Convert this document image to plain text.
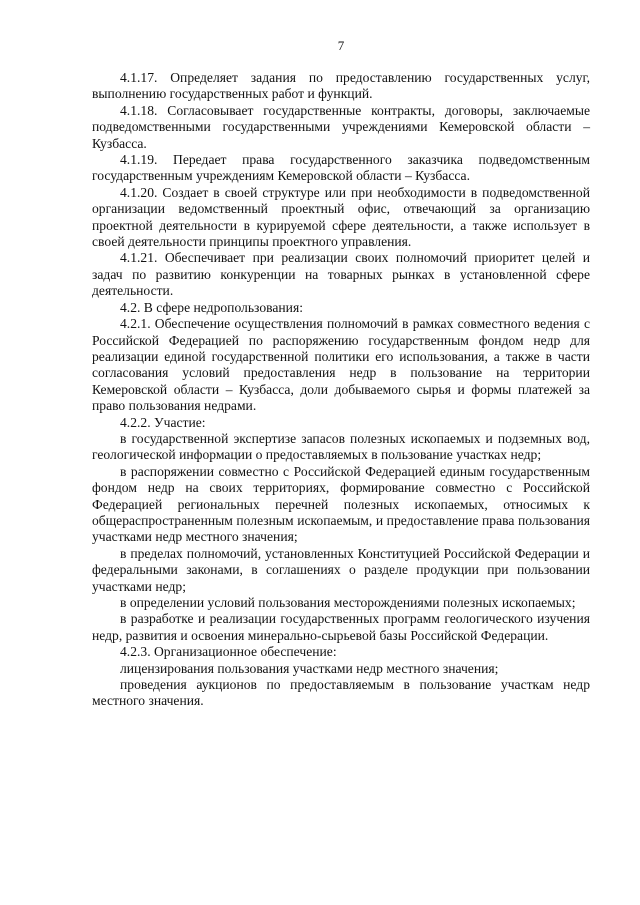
7

4.1.17. Определяет задания по предоставлению государственных услуг, выполнению государственных работ и функций.

4.1.18. Согласовывает государственные контракты, договоры, заключаемые подведомственными государственными учреждениями Кемеровской области – Кузбасса.

4.1.19. Передает права государственного заказчика подведомственным государственным учреждениям Кемеровской области – Кузбасса.

4.1.20. Создает в своей структуре или при необходимости в подведомственной организации ведомственный проектный офис, отвечающий за организацию проектной деятельности в курируемой сфере деятельности, а также использует в своей деятельности принципы проектного управления.

4.1.21. Обеспечивает при реализации своих полномочий приоритет целей и задач по развитию конкуренции на товарных рынках в установленной сфере деятельности.

4.2. В сфере недропользования:

4.2.1. Обеспечение осуществления полномочий в рамках совместного ведения с Российской Федерацией по распоряжению государственным фондом недр для реализации единой государственной политики его использования, а также в части согласования условий предоставления недр в пользование на территории Кемеровской области – Кузбасса, доли добываемого сырья и формы платежей за право пользования недрами.

4.2.2. Участие:

в государственной экспертизе запасов полезных ископаемых и подземных вод, геологической информации о предоставляемых в пользование участках недр;

в распоряжении совместно с Российской Федерацией единым государственным фондом недр на своих территориях, формирование совместно с Российской Федерацией региональных перечней полезных ископаемых, относимых к общераспространенным полезным ископаемым, и предоставление права пользования участками недр местного значения;

в пределах полномочий, установленных Конституцией Российской Федерации и федеральными законами, в соглашениях о разделе продукции при пользовании участками недр;

в определении условий пользования месторождениями полезных ископаемых;

в разработке и реализации государственных программ геологического изучения недр, развития и освоения минерально-сырьевой базы Российской Федерации.

4.2.3. Организационное обеспечение:

лицензирования пользования участками недр местного значения;

проведения аукционов по предоставляемым в пользование участкам недр местного значения.
